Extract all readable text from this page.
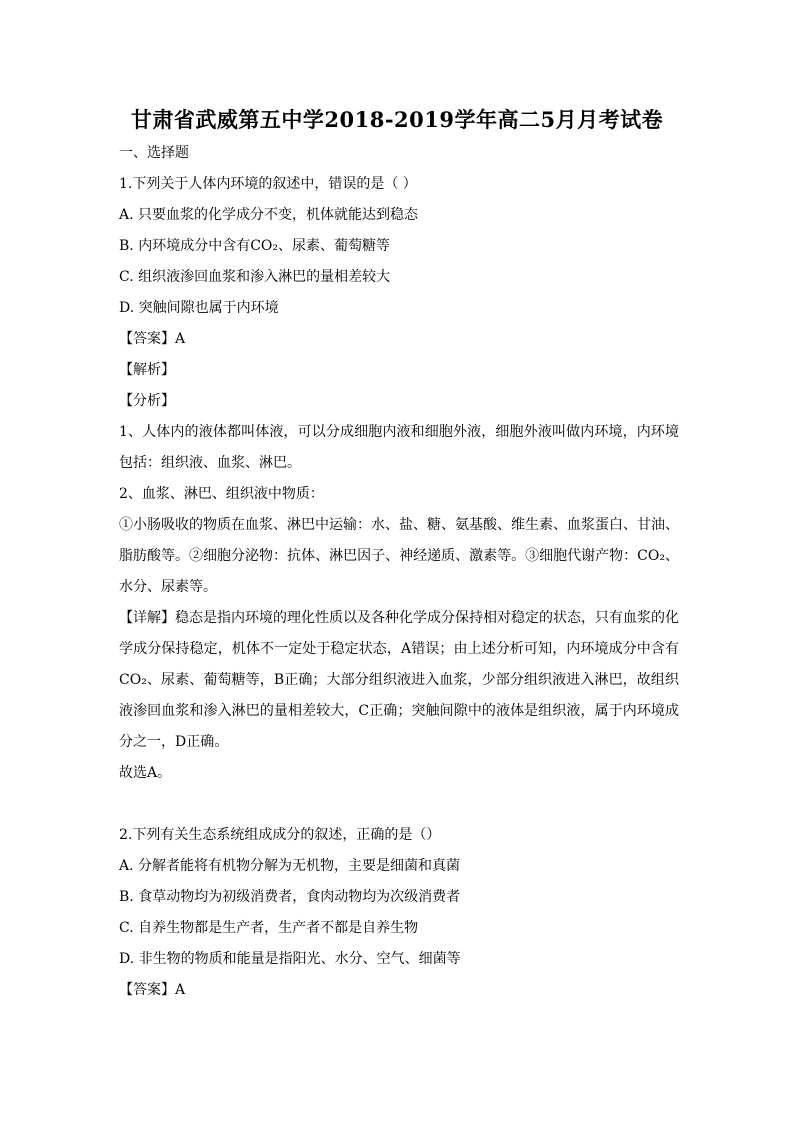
甘肃省武威第五中学2018-2019学年高二5月月考试卷
一、选择题
1.下列关于人体内环境的叙述中，错误的是（ ）
A. 只要血浆的化学成分不变，机体就能达到稳态
B. 内环境成分中含有CO₂、尿素、葡萄糖等
C. 组织液渗回血浆和渗入淋巴的量相差较大
D. 突触间隙也属于内环境
【答案】A
【解析】
【分析】
1、人体内的液体都叫体液，可以分成细胞内液和细胞外液，细胞外液叫做内环境，内环境
包括：组织液、血浆、淋巴。
2、血浆、淋巴、组织液中物质：
①小肠吸收的物质在血浆、淋巴中运输：水、盐、糖、氨基酸、维生素、血浆蛋白、甘油、
脂肪酸等。②细胞分泌物：抗体、淋巴因子、神经递质、激素等。③细胞代谢产物：CO₂、
水分、尿素等。
【详解】稳态是指内环境的理化性质以及各种化学成分保持相对稳定的状态，只有血浆的化
学成分保持稳定，机体不一定处于稳定状态，A错误；由上述分析可知，内环境成分中含有
CO₂、尿素、葡萄糖等，B正确；大部分组织液进入血浆，少部分组织液进入淋巴，故组织
液渗回血浆和渗入淋巴的量相差较大，C正确；突触间隙中的液体是组织液，属于内环境成
分之一，D正确。
故选A。
2.下列有关生态系统组成成分的叙述，正确的是（）
A. 分解者能将有机物分解为无机物，主要是细菌和真菌
B. 食草动物均为初级消费者，食肉动物均为次级消费者
C. 自养生物都是生产者，生产者不都是自养生物
D. 非生物的物质和能量是指阳光、水分、空气、细菌等
【答案】A
